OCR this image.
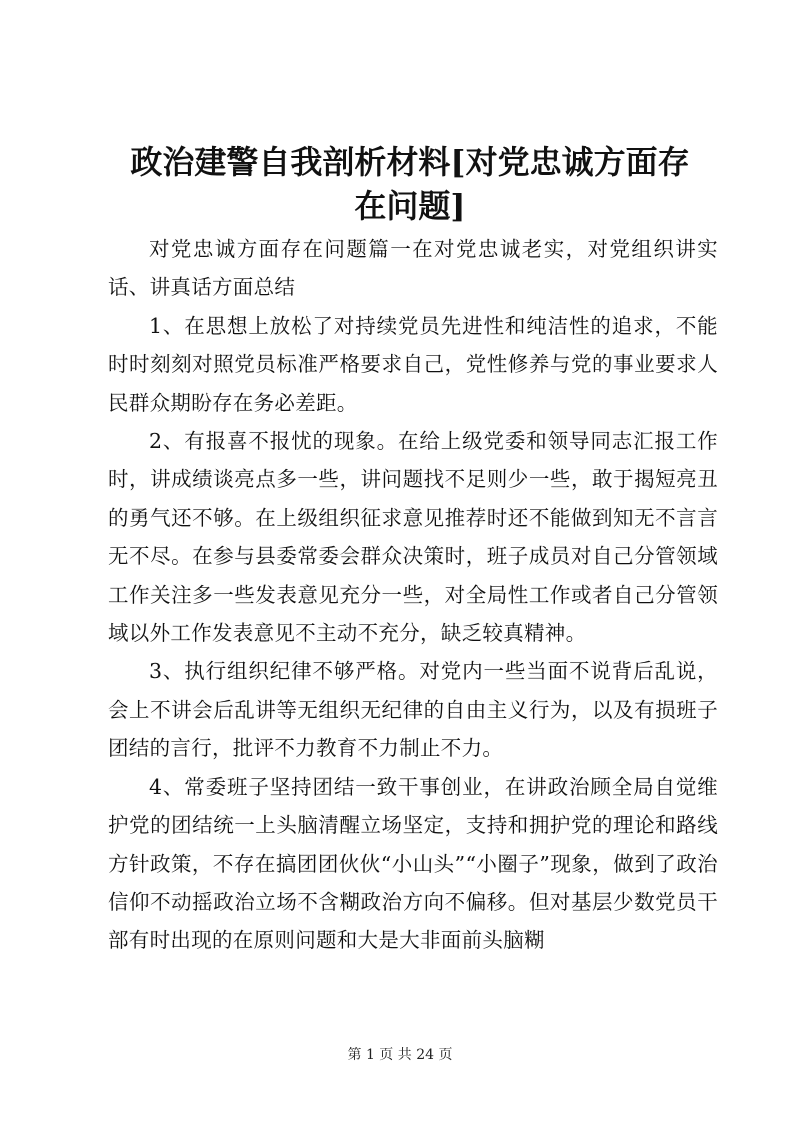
政治建警自我剖析材料[对党忠诚方面存在问题]

对党忠诚方面存在问题篇一在对党忠诚老实，对党组织讲实话、讲真话方面总结

1、在思想上放松了对持续党员先进性和纯洁性的追求，不能时时刻刻对照党员标准严格要求自己，党性修养与党的事业要求人民群众期盼存在务必差距。

2、有报喜不报忧的现象。在给上级党委和领导同志汇报工作时，讲成绩谈亮点多一些，讲问题找不足则少一些，敢于揭短亮丑的勇气还不够。在上级组织征求意见推荐时还不能做到知无不言言无不尽。在参与县委常委会群众决策时，班子成员对自己分管领域工作关注多一些发表意见充分一些，对全局性工作或者自己分管领域以外工作发表意见不主动不充分，缺乏较真精神。

3、执行组织纪律不够严格。对党内一些当面不说背后乱说，会上不讲会后乱讲等无组织无纪律的自由主义行为，以及有损班子团结的言行，批评不力教育不力制止不力。

4、常委班子坚持团结一致干事创业，在讲政治顾全局自觉维护党的团结统一上头脑清醒立场坚定，支持和拥护党的理论和路线方针政策，不存在搞团团伙伙“小山头”“小圈子”现象，做到了政治信仰不动摇政治立场不含糊政治方向不偏移。但对基层少数党员干部有时出现的在原则问题和大是大非面前头脑糊

第 1 页 共 24 页
